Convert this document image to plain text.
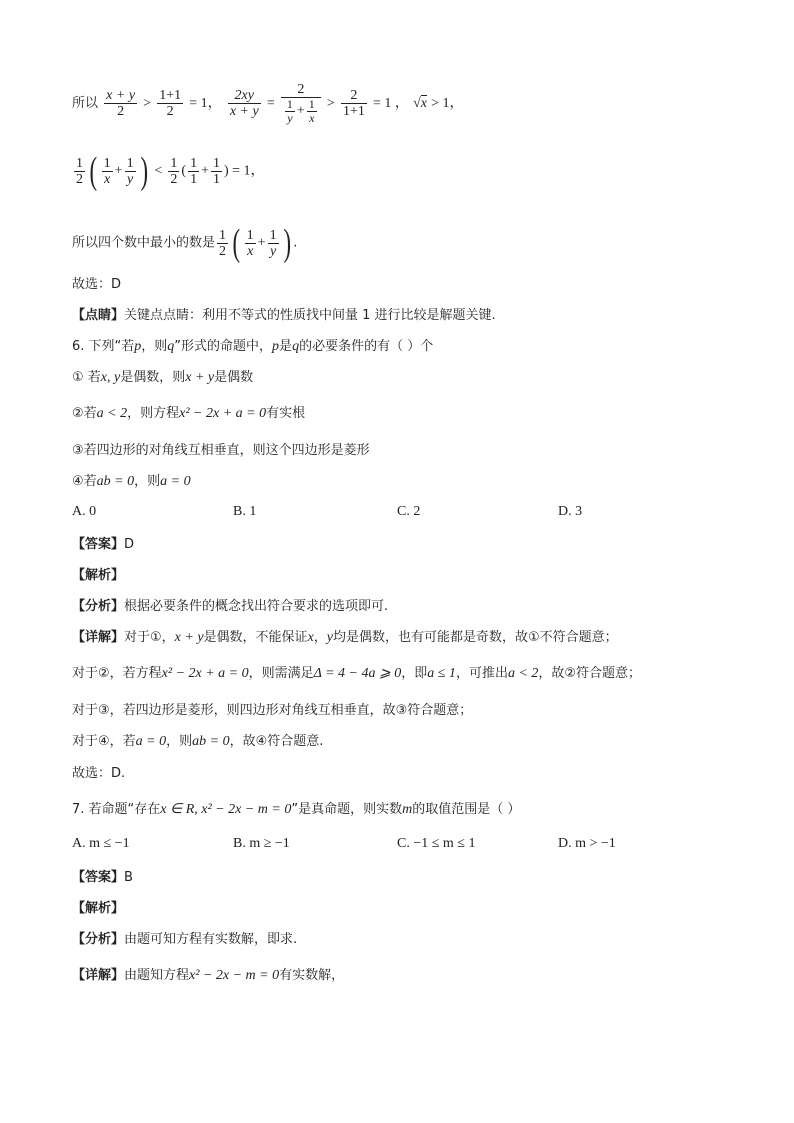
所以 $\frac{x + y}{2} > \frac{1+1}{2} = 1$， $\frac{2xy}{x + y} = \frac{2}{\frac{1}{y} + \frac{1}{x}} > \frac{2}{1+1} = 1$ ， √x > 1，
$\frac{1}{2}$ ( $\frac{1}{x} + \frac{1}{y}$ ) < $\frac{1}{2}$ ( $\frac{1}{1} + \frac{1}{1}$ ) = 1，
所以四个数中最小的数是 $\frac{1}{2}$ ( $\frac{1}{x} + \frac{1}{y}$ ) .
故选：D
【点睛】关键点点睛：利用不等式的性质找中间量 1 进行比较是解题关键.
6. 下列“若p，则q”形式的命题中，p是q的必要条件的有（ ）个
① 若x, y是偶数，则x + y是偶数
②若a < 2，则方程x² − 2x + a = 0有实根
③若四边形的对角线互相垂直，则这个四边形是菱形
④若ab = 0，则a = 0
A. 0	B. 1	C. 2	D. 3
【答案】D
【解析】
【分析】根据必要条件的概念找出符合要求的选项即可.
【详解】对于①，x + y是偶数，不能保证x，y均是偶数，也有可能都是奇数，故①不符合题意；
对于②，若方程x² − 2x + a = 0，则需满足Δ = 4 − 4a ⩾ 0，即a ≤ 1，可推出a < 2，故②符合题意；
对于③，若四边形是菱形，则四边形对角线互相垂直，故③符合题意；
对于④，若a = 0，则ab = 0，故④符合题意.
故选：D.
7. 若命题“存在x ∈ R, x² − 2x − m = 0”是真命题，则实数m的取值范围是（ ）
A. m ≤ −1	B. m ≥ −1	C. −1 ≤ m ≤ 1	D. m > −1
【答案】B
【解析】
【分析】由题可知方程有实数解，即求.
【详解】由题知方程x² − 2x − m = 0有实数解，
